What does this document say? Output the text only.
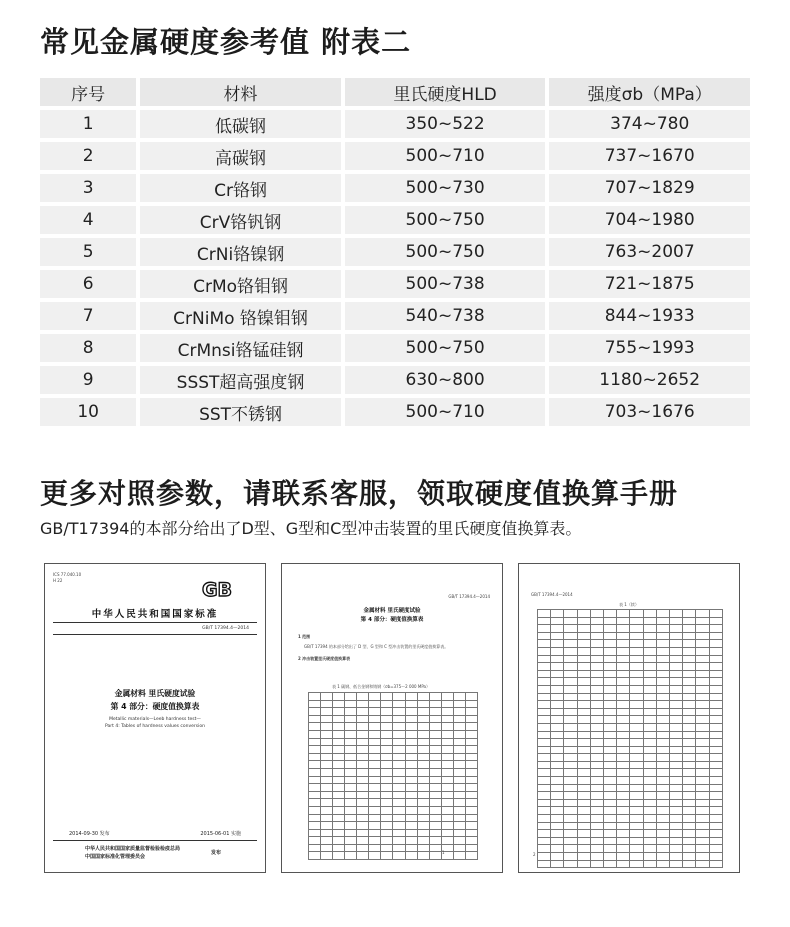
常见金属硬度参考值 附表二
序号	材料	里氏硬度HLD	强度σb（MPa）
1	低碳钢	350~522	374~780
2	高碳钢	500~710	737~1670
3	Cr铬钢	500~730	707~1829
4	CrV铬钒钢	500~750	704~1980
5	CrNi铬镍钢	500~750	763~2007
6	CrMo铬钼钢	500~738	721~1875
7	CrNiMo 铬镍钼钢	540~738	844~1933
8	CrMnsi铬锰硅钢	500~750	755~1993
9	SSST超高强度钢	630~800	1180~2652
10	SST不锈钢	500~710	703~1676
更多对照参数，请联系客服，领取硬度值换算手册
GB/T17394的本部分给出了D型、G型和C型冲击装置的里氏硬度值换算表。
ICS 77.040.10
H 22	GB
中华人民共和国国家标准
GB/T 17394.4—2014
金属材料 里氏硬度试验
第 4 部分：硬度值换算表
Metallic materials—Leeb hardness test—
Part 4: Tables of hardness values conversion
2014-09-30 发布	2015-06-01 实施
中华人民共和国国家质量监督检验检疫总局
中国国家标准化管理委员会
发布
GB/T 17394.4—2014
金属材料 里氏硬度试验
第 4 部分：硬度值换算表
1 范围
GB/T 17394 的本部分给出了 D 型、G 型和 C 型冲击装置的里氏硬度值换算表。
2 冲击装置里氏硬度值换算表
表 1 碳钢、低合金钢和铸钢（σb=375～2 000 MPa）

1
GB/T 17394.4—2014
表 1（续）

2
